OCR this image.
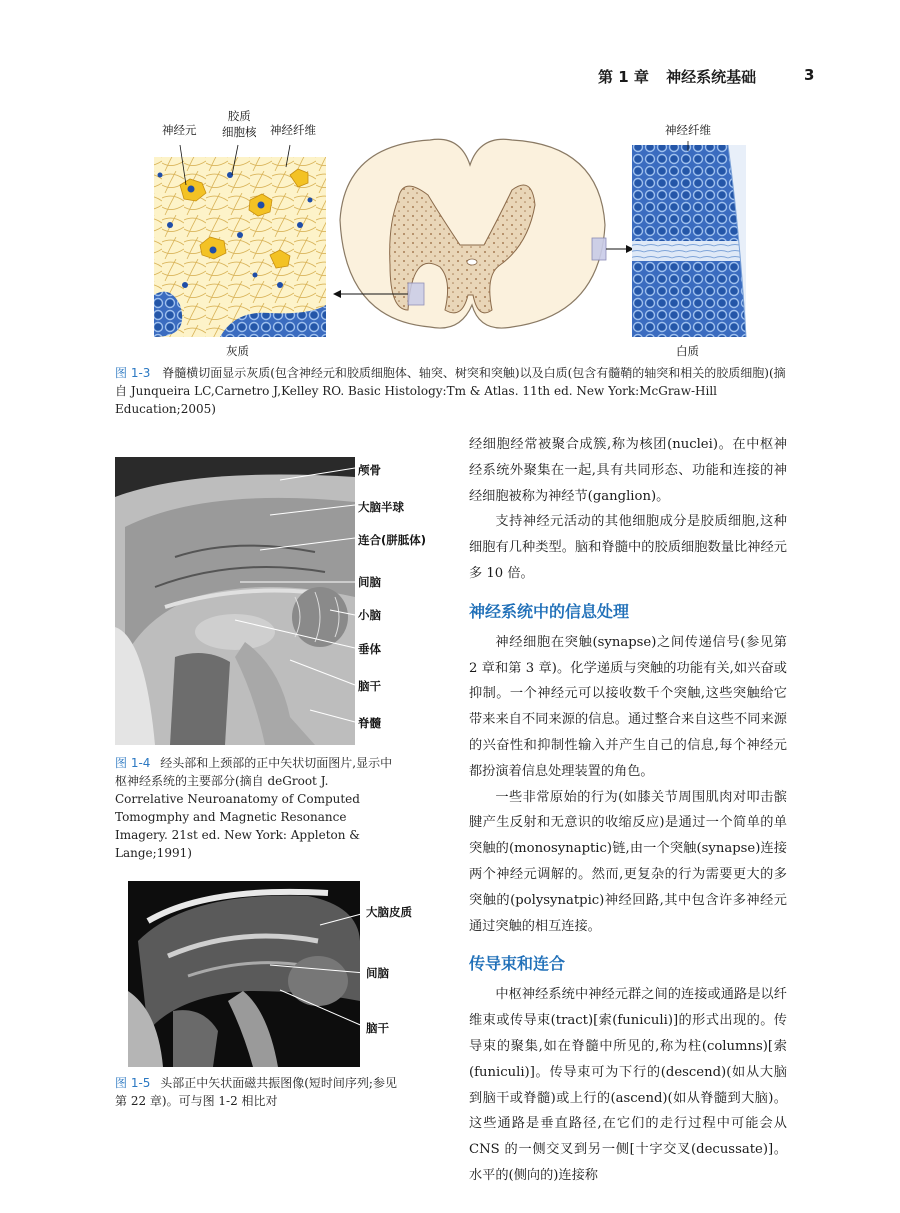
第 1 章 神经系统基础	3
神经元
胶质
细胞核 神经纤维
灰质
神经纤维
白质
图 1-3 脊髓横切面显示灰质(包含神经元和胶质细胞体、轴突、树突和突触)以及白质(包含有髓鞘的轴突和相关的胶质细胞)(摘自 Junqueira LC,Carnetro J,Kelley RO. Basic Histology:Tm & Atlas. 11th ed. New York:McGraw-Hill Education;2005)
颅骨
大脑半球
连合(胼胝体)
间脑
小脑
垂体
脑干
脊髓
图 1-4 经头部和上颈部的正中矢状切面图片,显示中枢神经系统的主要部分(摘自 deGroot J. Correlative Neuroanatomy of Computed Tomogmphy and Magnetic Resonance Imagery. 21st ed. New York: Appleton & Lange;1991)
大脑皮质
间脑
脑干
图 1-5 头部正中矢状面磁共振图像(短时间序列;参见第 22 章)。可与图 1-2 相比对

经细胞经常被聚合成簇,称为核团(nuclei)。在中枢神经系统外聚集在一起,具有共同形态、功能和连接的神经细胞被称为神经节(ganglion)。

支持神经元活动的其他细胞成分是胶质细胞,这种细胞有几种类型。脑和脊髓中的胶质细胞数量比神经元多 10 倍。

神经系统中的信息处理

神经细胞在突触(synapse)之间传递信号(参见第 2 章和第 3 章)。化学递质与突触的功能有关,如兴奋或抑制。一个神经元可以接收数千个突触,这些突触给它带来来自不同来源的信息。通过整合来自这些不同来源的兴奋性和抑制性输入并产生自己的信息,每个神经元都扮演着信息处理装置的角色。

一些非常原始的行为(如膝关节周围肌肉对叩击髌腱产生反射和无意识的收缩反应)是通过一个简单的单突触的(monosynaptic)链,由一个突触(synapse)连接两个神经元调解的。然而,更复杂的行为需要更大的多突触的(polysynatpic)神经回路,其中包含许多神经元通过突触的相互连接。

传导束和连合

中枢神经系统中神经元群之间的连接或通路是以纤维束或传导束(tract)[索(funiculi)]的形式出现的。传导束的聚集,如在脊髓中所见的,称为柱(columns)[索(funiculi)]。传导束可为下行的(descend)(如从大脑到脑干或脊髓)或上行的(ascend)(如从脊髓到大脑)。这些通路是垂直路径,在它们的走行过程中可能会从 CNS 的一侧交叉到另一侧[十字交叉(decussate)]。水平的(侧向的)连接称
